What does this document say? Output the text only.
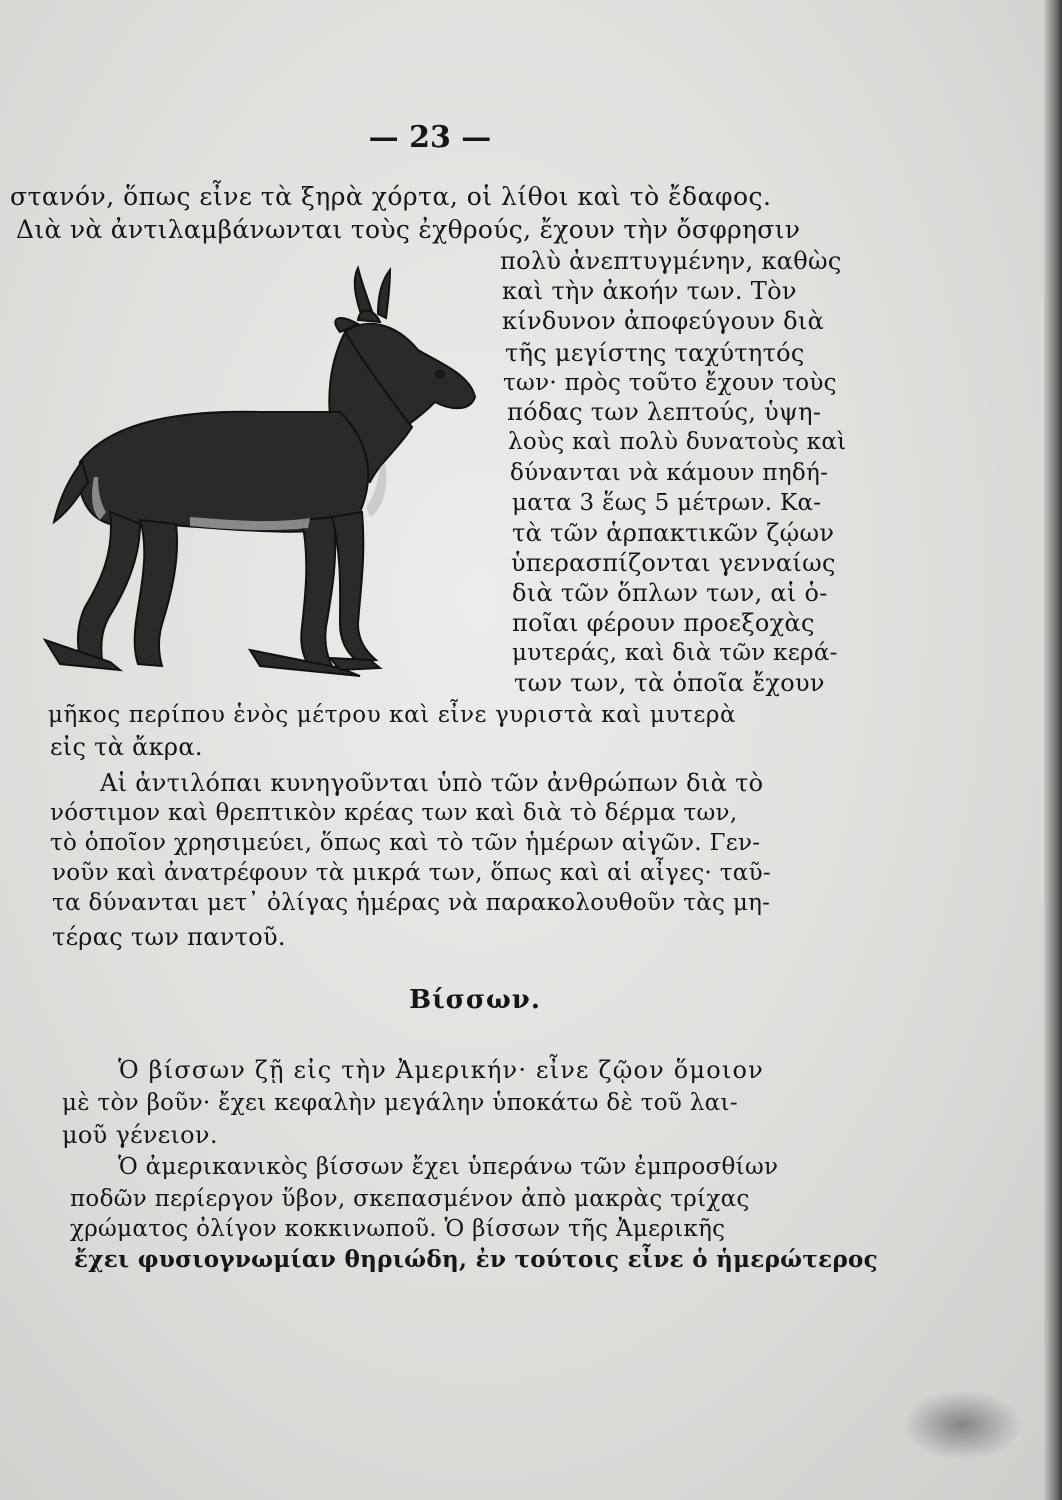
— 23 —
στανόν, ὅπως εἶνε τὰ ξηρὰ χόρτα, οἱ λίθοι καὶ τὸ ἔδαφος.
Διὰ νὰ ἀντιλαμβάνωνται τοὺς ἐχθρούς, ἔχουν τὴν ὄσφρησιν
πολὺ ἀνεπτυγμένην, καθὼς
καὶ τὴν ἀκοήν των. Τὸν
κίνδυνον ἀποφεύγουν διὰ
τῆς μεγίστης ταχύτητός
των· πρὸς τοῦτο ἔχουν τοὺς
πόδας των λεπτούς, ὑψη-
λοὺς καὶ πολὺ δυνατοὺς καὶ
δύνανται νὰ κάμουν πηδή-
ματα 3 ἕως 5 μέτρων. Κα-
τὰ τῶν ἁρπακτικῶν ζῴων
ὑπερασπίζονται γενναίως
διὰ τῶν ὅπλων των, αἱ ὁ-
ποῖαι φέρουν προεξοχὰς
μυτεράς, καὶ διὰ τῶν κερά-
των των, τὰ ὁποῖα ἔχουν
μῆκος περίπου ἑνὸς μέτρου καὶ εἶνε γυριστὰ καὶ μυτερὰ
εἰς τὰ ἄκρα.
Αἱ ἀντιλόπαι κυνηγοῦνται ὑπὸ τῶν ἀνθρώπων διὰ τὸ
νόστιμον καὶ θρεπτικὸν κρέας των καὶ διὰ τὸ δέρμα των,
τὸ ὁποῖον χρησιμεύει, ὅπως καὶ τὸ τῶν ἡμέρων αἰγῶν. Γεν-
νοῦν καὶ ἀνατρέφουν τὰ μικρά των, ὅπως καὶ αἱ αἶγες· ταῦ-
τα δύνανται μετ᾽ ὀλίγας ἡμέρας νὰ παρακολουθοῦν τὰς μη-
τέρας των παντοῦ.
Βίσσων.
Ὁ βίσσων ζῇ εἰς τὴν Ἀμερικήν· εἶνε ζῷον ὅμοιον
μὲ τὸν βοῦν· ἔχει κεφαλὴν μεγάλην ὑποκάτω δὲ τοῦ λαι-
μοῦ γένειον.
Ὁ ἀμερικανικὸς βίσσων ἔχει ὑπεράνω τῶν ἐμπροσθίων
ποδῶν περίεργον ὕβον, σκεπασμένον ἀπὸ μακρὰς τρίχας
χρώματος ὀλίγον κοκκινωποῦ. Ὁ βίσσων τῆς Ἀμερικῆς
ἔχει φυσιογνωμίαν θηριώδη, ἐν τούτοις εἶνε ὁ ἡμερώτερος
